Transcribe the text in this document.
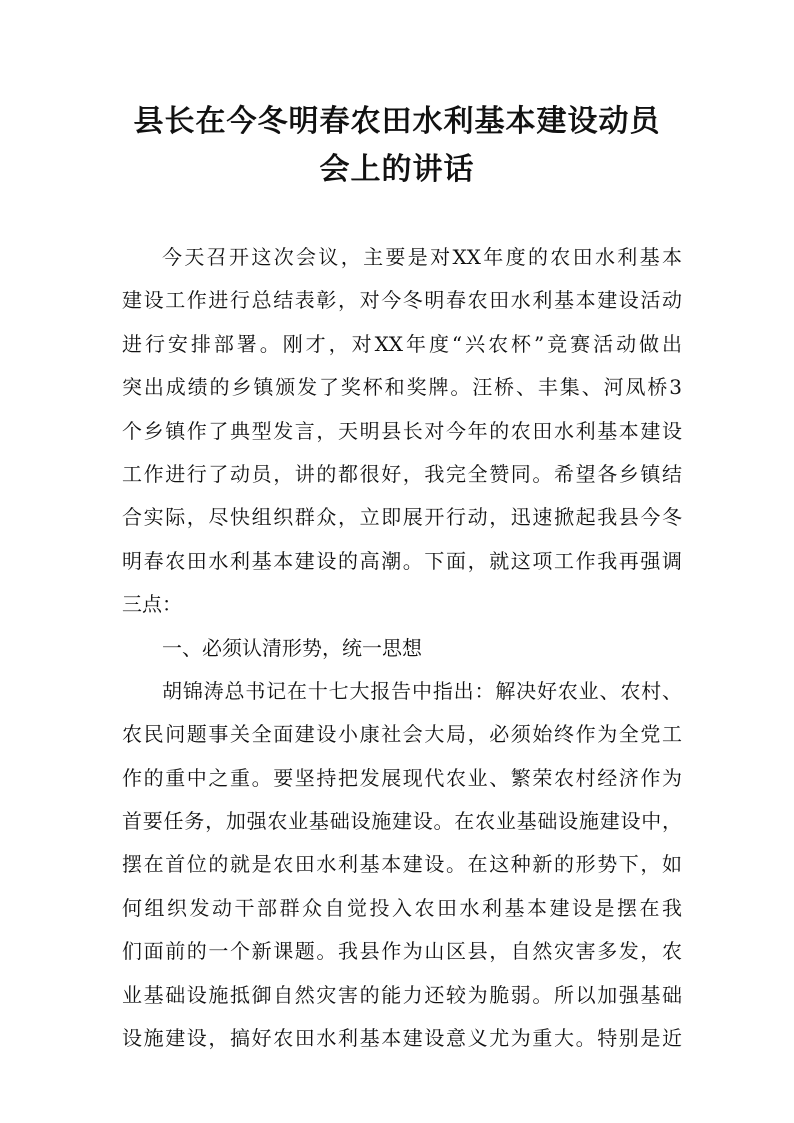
县长在今冬明春农田水利基本建设动员
会上的讲话
今天召开这次会议，主要是对XX年度的农田水利基本
建设工作进行总结表彰，对今冬明春农田水利基本建设活动
进行安排部署。刚才，对XX年度“兴农杯”竞赛活动做出
突出成绩的乡镇颁发了奖杯和奖牌。汪桥、丰集、河凤桥3
个乡镇作了典型发言，天明县长对今年的农田水利基本建设
工作进行了动员，讲的都很好，我完全赞同。希望各乡镇结
合实际，尽快组织群众，立即展开行动，迅速掀起我县今冬
明春农田水利基本建设的高潮。下面，就这项工作我再强调
三点：
一、必须认清形势，统一思想
胡锦涛总书记在十七大报告中指出：解决好农业、农村、
农民问题事关全面建设小康社会大局，必须始终作为全党工
作的重中之重。要坚持把发展现代农业、繁荣农村经济作为
首要任务，加强农业基础设施建设。在农业基础设施建设中，
摆在首位的就是农田水利基本建设。在这种新的形势下，如
何组织发动干部群众自觉投入农田水利基本建设是摆在我
们面前的一个新课题。我县作为山区县，自然灾害多发，农
业基础设施抵御自然灾害的能力还较为脆弱。所以加强基础
设施建设，搞好农田水利基本建设意义尤为重大。特别是近
